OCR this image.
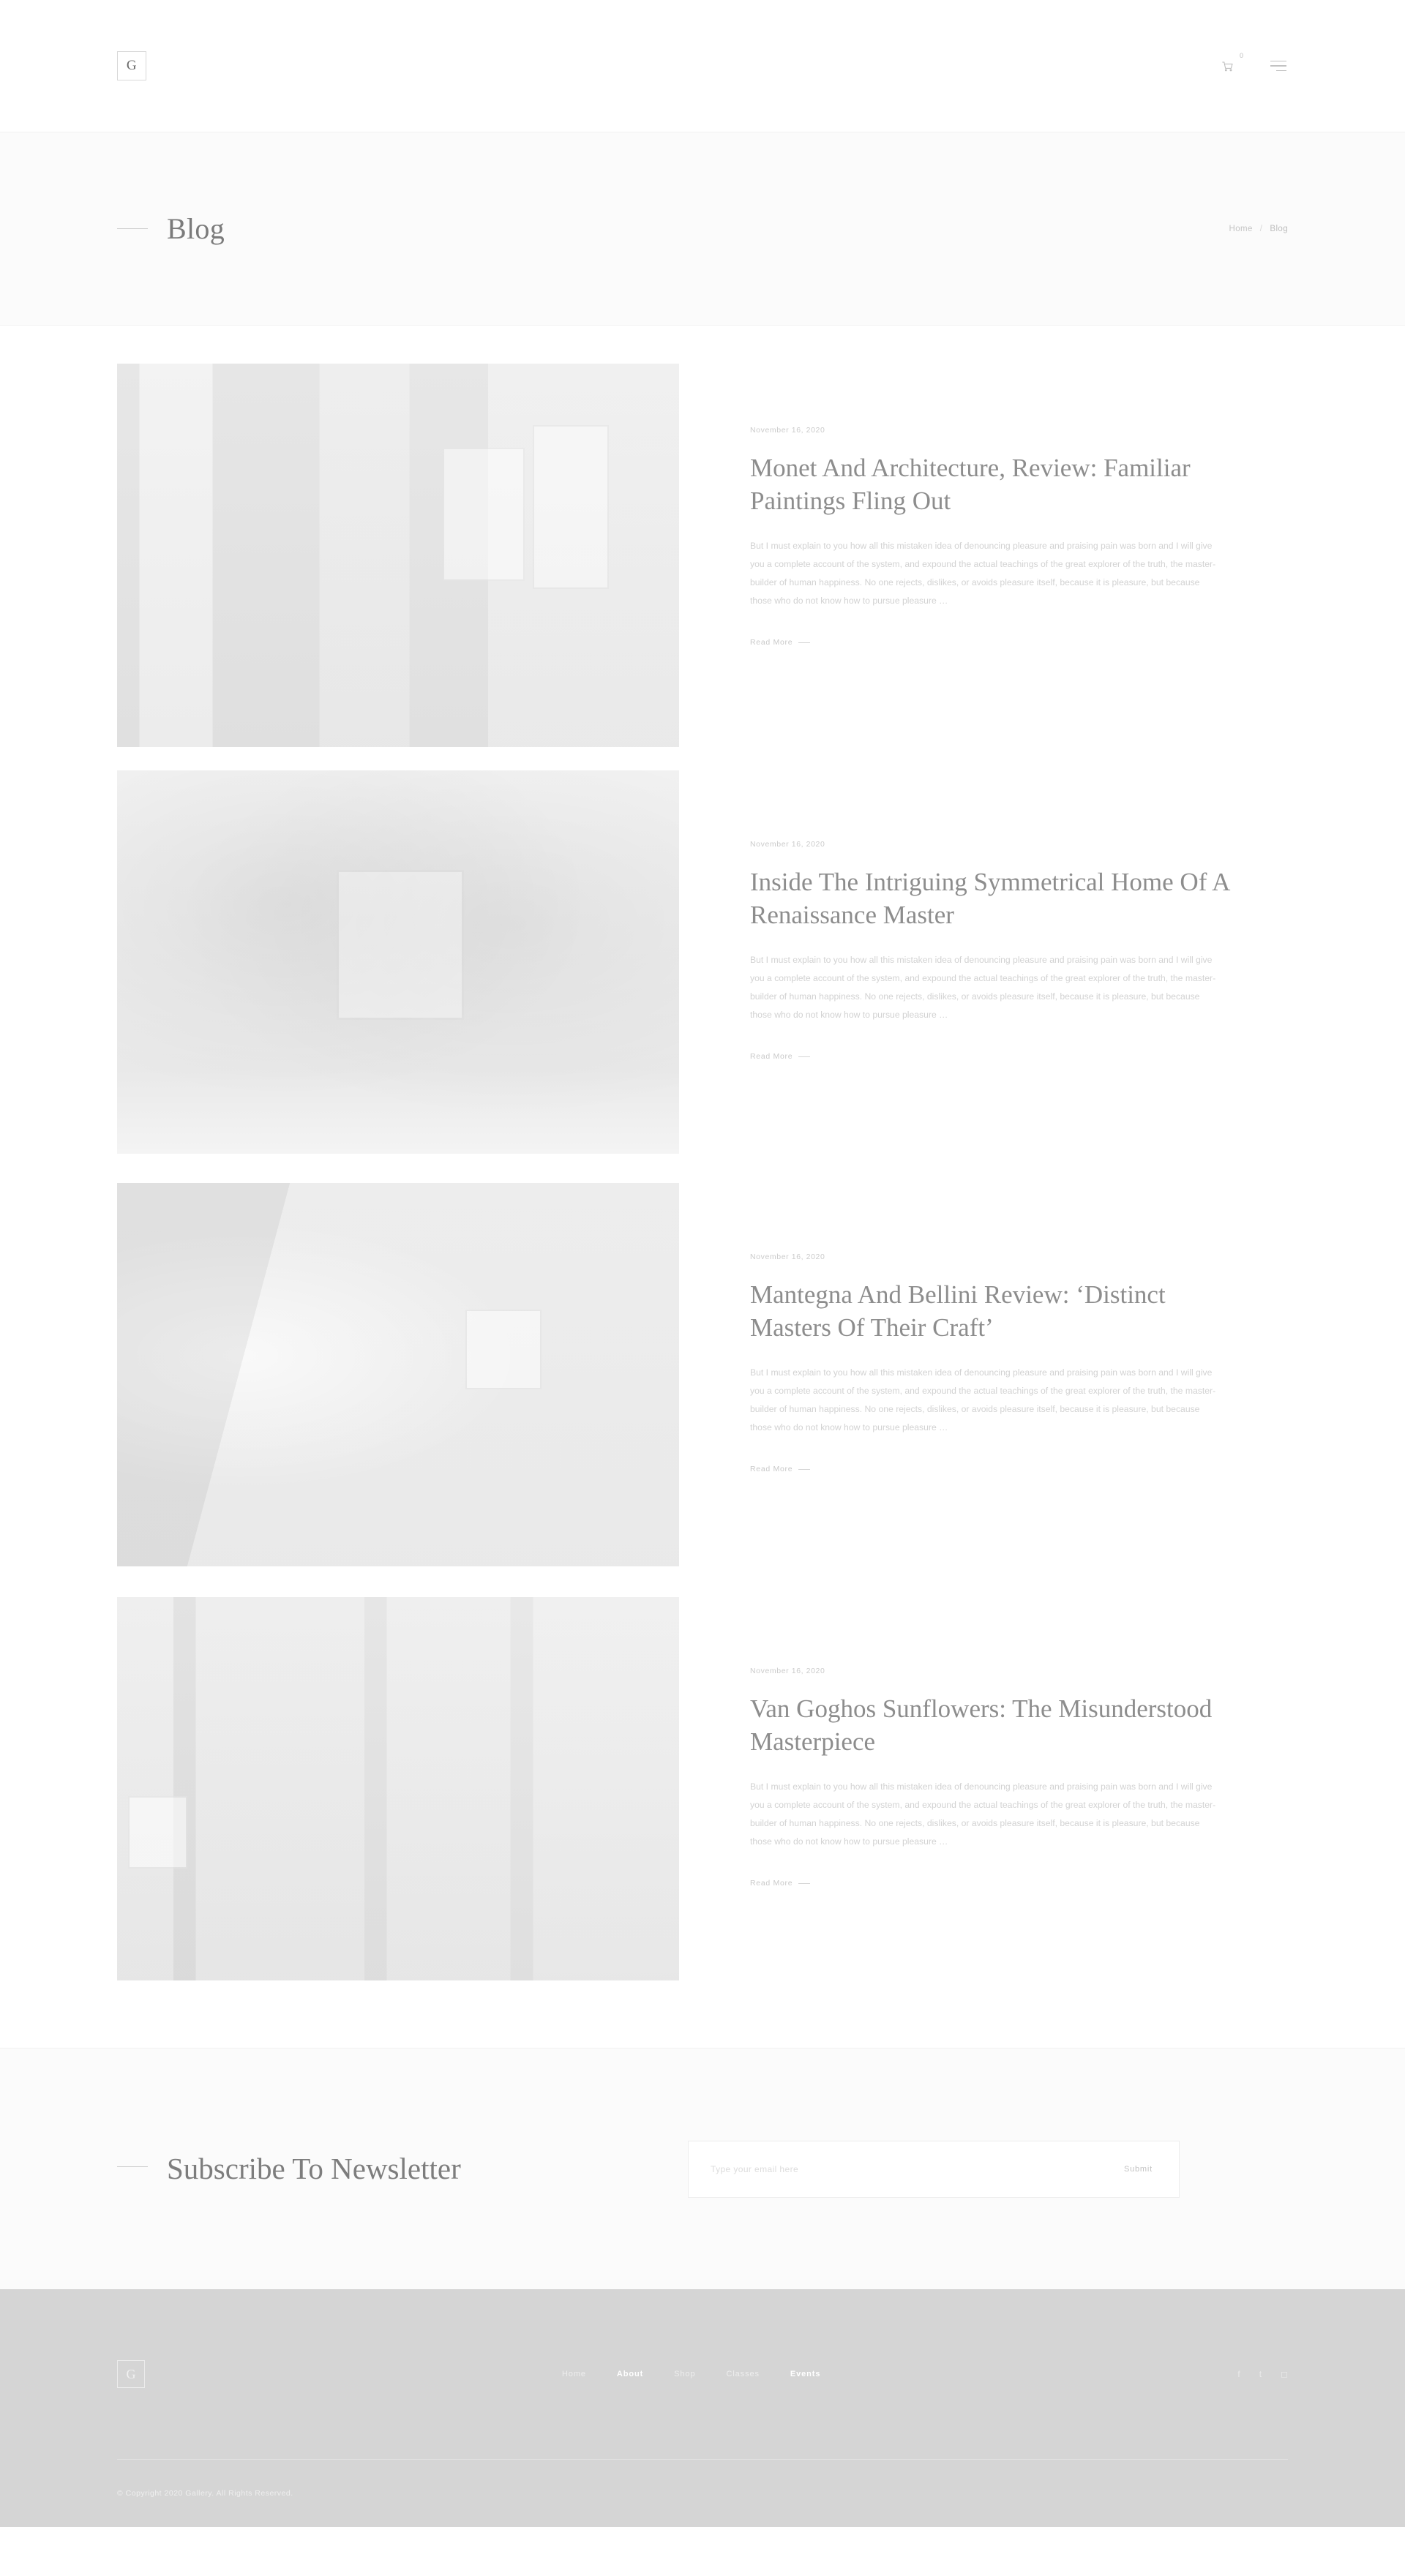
G
0
Blog	Home / Blog
November 16, 2020
Monet And Architecture, Review: Familiar Paintings Fling Out

But I must explain to you how all this mistaken idea of denouncing pleasure and praising pain was born and I will give you a complete account of the system, and expound the actual teachings of the great explorer of the truth, the master-builder of human happiness. No one rejects, dislikes, or avoids pleasure itself, because it is pleasure, but because those who do not know how to pursue pleasure …

Read More
November 16, 2020
Inside The Intriguing Symmetrical Home Of A Renaissance Master

But I must explain to you how all this mistaken idea of denouncing pleasure and praising pain was born and I will give you a complete account of the system, and expound the actual teachings of the great explorer of the truth, the master-builder of human happiness. No one rejects, dislikes, or avoids pleasure itself, because it is pleasure, but because those who do not know how to pursue pleasure …

Read More
November 16, 2020
Mantegna And Bellini Review: ‘Distinct Masters Of Their Craft’

But I must explain to you how all this mistaken idea of denouncing pleasure and praising pain was born and I will give you a complete account of the system, and expound the actual teachings of the great explorer of the truth, the master-builder of human happiness. No one rejects, dislikes, or avoids pleasure itself, because it is pleasure, but because those who do not know how to pursue pleasure …

Read More
November 16, 2020
Van Goghos Sunflowers: The Misunderstood Masterpiece

But I must explain to you how all this mistaken idea of denouncing pleasure and praising pain was born and I will give you a complete account of the system, and expound the actual teachings of the great explorer of the truth, the master-builder of human happiness. No one rejects, dislikes, or avoids pleasure itself, because it is pleasure, but because those who do not know how to pursue pleasure …

Read More
Subscribe To Newsletter
Type your email here	Submit
G	Home	About	Shop	Classes	Events	f t ◻
© Copyright 2020 Gallery. All Rights Reserved.
